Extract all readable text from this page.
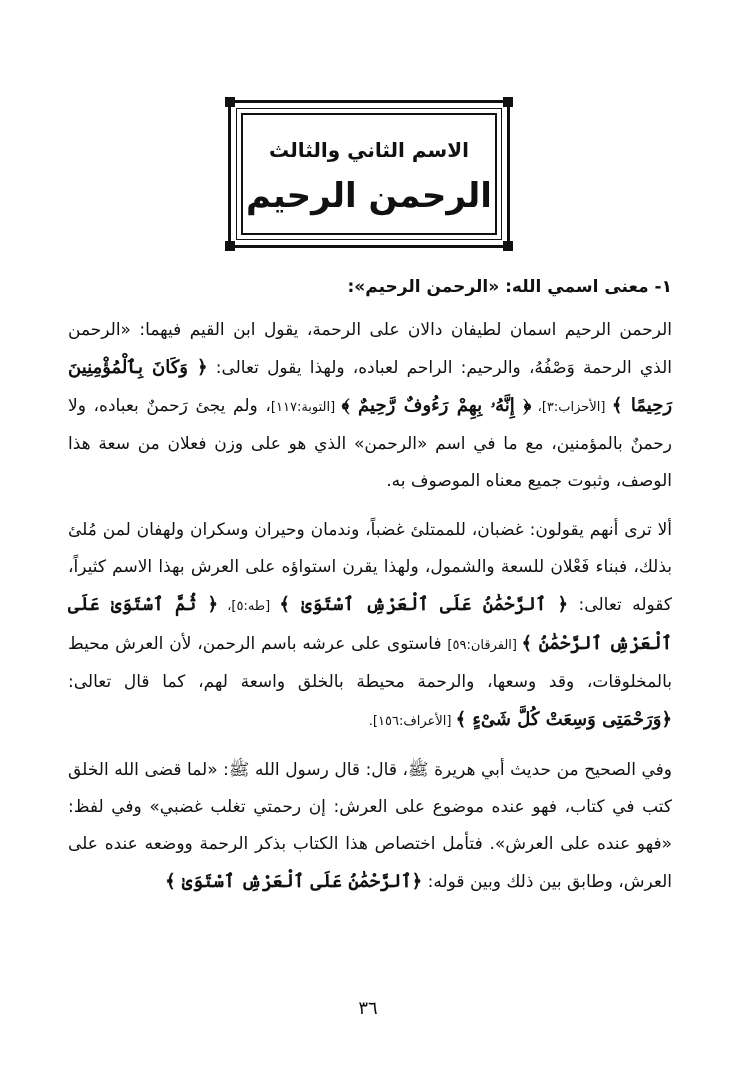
الاسم الثاني والثالث
الرحمن الرحيم
١- معنى اسمي الله: «الرحمن الرحيم»:

الرحمن الرحيم اسمان لطيفان دالان على الرحمة، يقول ابن القيم فيهما: «الرحمن الذي الرحمة وَصْفُهُ، والرحيم: الراحم لعباده، ولهذا يقول تعالى: ﴿ وَكَانَ بِٱلْمُؤْمِنِينَ رَحِيمًا ﴾ [الأحزاب:٣]، ﴿ إِنَّهُۥ بِهِمْ رَءُوفٌ رَّحِيمٌ ﴾ [التوبة:١١٧]، ولم يجئ رَحمنٌ بعباده، ولا رحمنٌ بالمؤمنين، مع ما في اسم «الرحمن» الذي هو على وزن فعلان من سعة هذا الوصف، وثبوت جميع معناه الموصوف به.

ألا ترى أنهم يقولون: غضبان، للممتلئ غضباً، وندمان وحيران وسكران ولهفان لمن مُلئ بذلك، فبناء فَعْلان للسعة والشمول، ولهذا يقرن استواؤه على العرش بهذا الاسم كثيراً، كقوله تعالى: ﴿ ٱلرَّحْمَٰنُ عَلَى ٱلْعَرْشِ ٱسْتَوَىٰ ﴾ [طه:٥]، ﴿ ثُمَّ ٱسْتَوَىٰ عَلَى ٱلْعَرْشِ ٱلرَّحْمَٰنُ ﴾ [الفرقان:٥٩] فاستوى على عرشه باسم الرحمن، لأن العرش محيط بالمخلوقات، وقد وسعها، والرحمة محيطة بالخلق واسعة لهم، كما قال تعالى: ﴿وَرَحْمَتِى وَسِعَتْ كُلَّ شَىْءٍ ﴾ [الأعراف:١٥٦].

وفي الصحيح من حديث أبي هريرة ﷺ، قال: قال رسول الله ﷺ: «لما قضى الله الخلق كتب في كتاب، فهو عنده موضوع على العرش: إن رحمتي تغلب غضبي» وفي لفظ: «فهو عنده على العرش». فتأمل اختصاص هذا الكتاب بذكر الرحمة ووضعه عنده على العرش، وطابق بين ذلك وبين قوله: ﴿ٱلرَّحْمَٰنُ عَلَى ٱلْعَرْشِ ٱسْتَوَىٰ ﴾

٣٦
